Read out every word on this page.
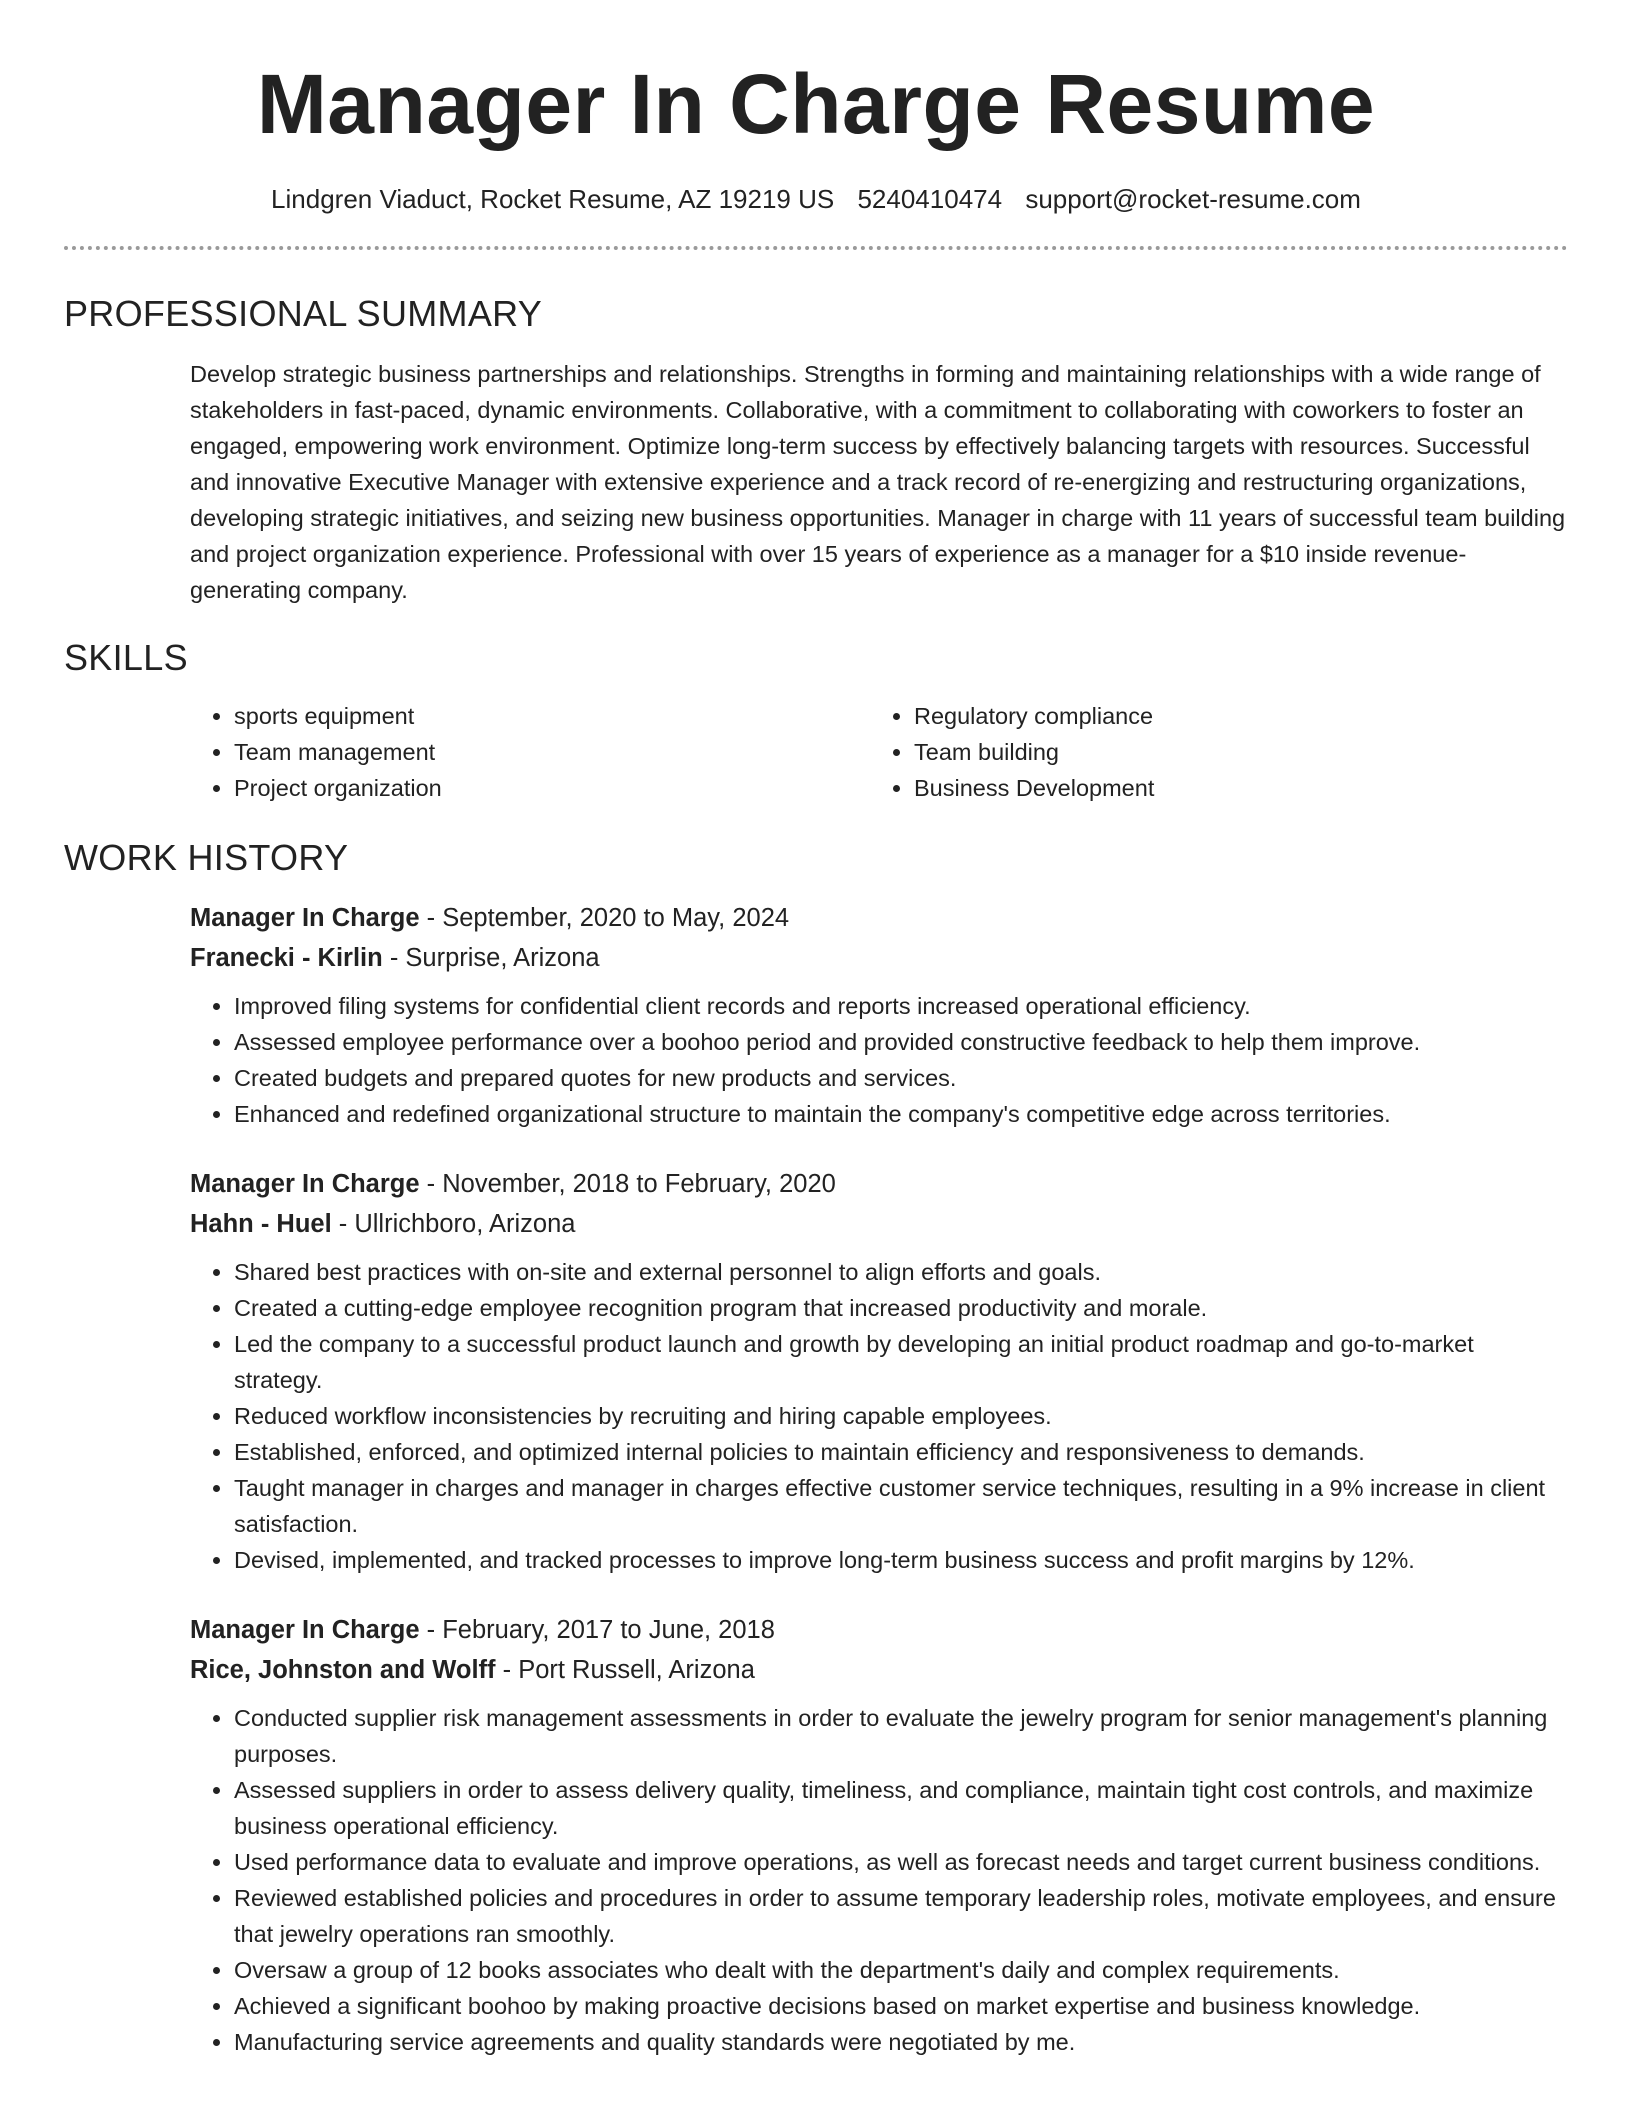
Manager In Charge Resume
Lindgren Viaduct, Rocket Resume, AZ 19219 US 5240410474 support@rocket-resume.com
PROFESSIONAL SUMMARY

Develop strategic business partnerships and relationships. Strengths in forming and maintaining relationships with a wide range of stakeholders in fast-paced, dynamic environments. Collaborative, with a commitment to collaborating with coworkers to foster an engaged, empowering work environment. Optimize long-term success by effectively balancing targets with resources. Successful and innovative Executive Manager with extensive experience and a track record of re-energizing and restructuring organizations, developing strategic initiatives, and seizing new business opportunities. Manager in charge with 11 years of successful team building and project organization experience. Professional with over 15 years of experience as a manager for a $10 inside revenue-generating company.

SKILLS
• sports equipment
• Team management
• Project organization
• Regulatory compliance
• Team building
• Business Development
WORK HISTORY
Manager In Charge - September, 2020 to May, 2024
Franecki - Kirlin - Surprise, Arizona
• Improved filing systems for confidential client records and reports increased operational efficiency.
• Assessed employee performance over a boohoo period and provided constructive feedback to help them improve.
• Created budgets and prepared quotes for new products and services.
• Enhanced and redefined organizational structure to maintain the company's competitive edge across territories.
Manager In Charge - November, 2018 to February, 2020
Hahn - Huel - Ullrichboro, Arizona
• Shared best practices with on-site and external personnel to align efforts and goals.
• Created a cutting-edge employee recognition program that increased productivity and morale.
• Led the company to a successful product launch and growth by developing an initial product roadmap and go-to-market strategy.
• Reduced workflow inconsistencies by recruiting and hiring capable employees.
• Established, enforced, and optimized internal policies to maintain efficiency and responsiveness to demands.
• Taught manager in charges and manager in charges effective customer service techniques, resulting in a 9% increase in client satisfaction.
• Devised, implemented, and tracked processes to improve long-term business success and profit margins by 12%.
Manager In Charge - February, 2017 to June, 2018
Rice, Johnston and Wolff - Port Russell, Arizona
• Conducted supplier risk management assessments in order to evaluate the jewelry program for senior management's planning purposes.
• Assessed suppliers in order to assess delivery quality, timeliness, and compliance, maintain tight cost controls, and maximize business operational efficiency.
• Used performance data to evaluate and improve operations, as well as forecast needs and target current business conditions.
• Reviewed established policies and procedures in order to assume temporary leadership roles, motivate employees, and ensure that jewelry operations ran smoothly.
• Oversaw a group of 12 books associates who dealt with the department's daily and complex requirements.
• Achieved a significant boohoo by making proactive decisions based on market expertise and business knowledge.
• Manufacturing service agreements and quality standards were negotiated by me.
